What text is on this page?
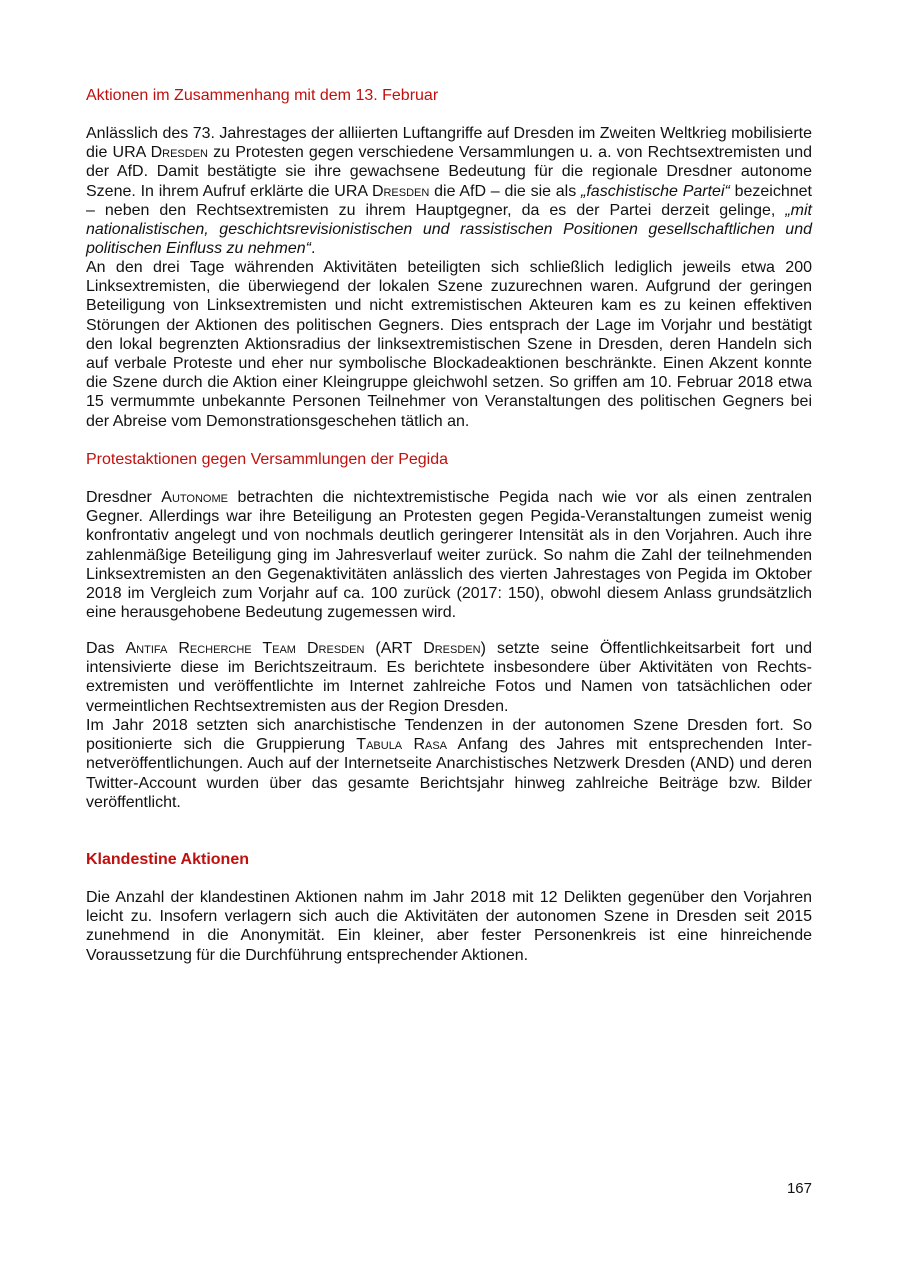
Aktionen im Zusammenhang mit dem 13. Februar

Anlässlich des 73. Jahrestages der alliierten Luftangriffe auf Dresden im Zweiten Weltkrieg mobilisierte die URA Dresden zu Protesten gegen verschiedene Versammlungen u. a. von Rechtsextremisten und der AfD. Damit bestätigte sie ihre gewachsene Bedeutung für die regionale Dresdner autonome Szene. In ihrem Aufruf erklärte die URA Dresden die AfD – die sie als „faschistische Partei“ bezeichnet – neben den Rechtsextremisten zu ihrem Hauptgegner, da es der Partei derzeit gelinge, „mit nationalistischen, geschichtsrevisionistischen und rassistischen Positionen gesellschaftlichen und politischen Einfluss zu nehmen“.

An den drei Tage währenden Aktivitäten beteiligten sich schließlich lediglich jeweils etwa 200 Linksextremisten, die überwiegend der lokalen Szene zuzurechnen waren. Aufgrund der geringen Beteiligung von Linksextremisten und nicht extremistischen Akteuren kam es zu keinen effektiven Störungen der Aktionen des politischen Gegners. Dies entsprach der Lage im Vorjahr und bestätigt den lokal begrenzten Aktionsradius der linksextremistischen Szene in Dresden, deren Handeln sich auf verbale Proteste und eher nur symbolische Blockadeaktionen beschränkte. Einen Akzent konnte die Szene durch die Aktion einer Kleingruppe gleichwohl setzen. So griffen am 10. Februar 2018 etwa 15 vermummte unbekannte Personen Teilnehmer von Veranstaltungen des politischen Gegners bei der Abreise vom Demonstrationsgeschehen tätlich an.

Protestaktionen gegen Versammlungen der Pegida

Dresdner Autonome betrachten die nichtextremistische Pegida nach wie vor als einen zentralen Gegner. Allerdings war ihre Beteiligung an Protesten gegen Pegida-Veranstaltungen zumeist wenig konfrontativ angelegt und von nochmals deutlich geringerer Intensität als in den Vorjahren. Auch ihre zahlenmäßige Beteiligung ging im Jahresverlauf weiter zurück. So nahm die Zahl der teilnehmenden Linksextremisten an den Gegenaktivitäten anlässlich des vierten Jahrestages von Pegida im Oktober 2018 im Vergleich zum Vorjahr auf ca. 100 zurück (2017: 150), obwohl diesem Anlass grundsätzlich eine herausgehobene Bedeutung zugemessen wird.

Das Antifa Recherche Team Dresden (ART Dresden) setzte seine Öffentlichkeitsarbeit fort und intensivierte diese im Berichtszeitraum. Es berichtete insbesondere über Aktivitäten von Rechtsextremisten und veröffentlichte im Internet zahlreiche Fotos und Namen von tatsächlichen oder vermeintlichen Rechtsextremisten aus der Region Dresden.

Im Jahr 2018 setzten sich anarchistische Tendenzen in der autonomen Szene Dresden fort. So positionierte sich die Gruppierung Tabula Rasa Anfang des Jahres mit entsprechenden Internetveröffentlichungen. Auch auf der Internetseite Anarchistisches Netzwerk Dresden (AND) und deren Twitter-Account wurden über das gesamte Berichtsjahr hinweg zahlreiche Beiträge bzw. Bilder veröffentlicht.

Klandestine Aktionen

Die Anzahl der klandestinen Aktionen nahm im Jahr 2018 mit 12 Delikten gegenüber den Vorjahren leicht zu. Insofern verlagern sich auch die Aktivitäten der autonomen Szene in Dresden seit 2015 zunehmend in die Anonymität. Ein kleiner, aber fester Personenkreis ist eine hinreichende Voraussetzung für die Durchführung entsprechender Aktionen.

167
